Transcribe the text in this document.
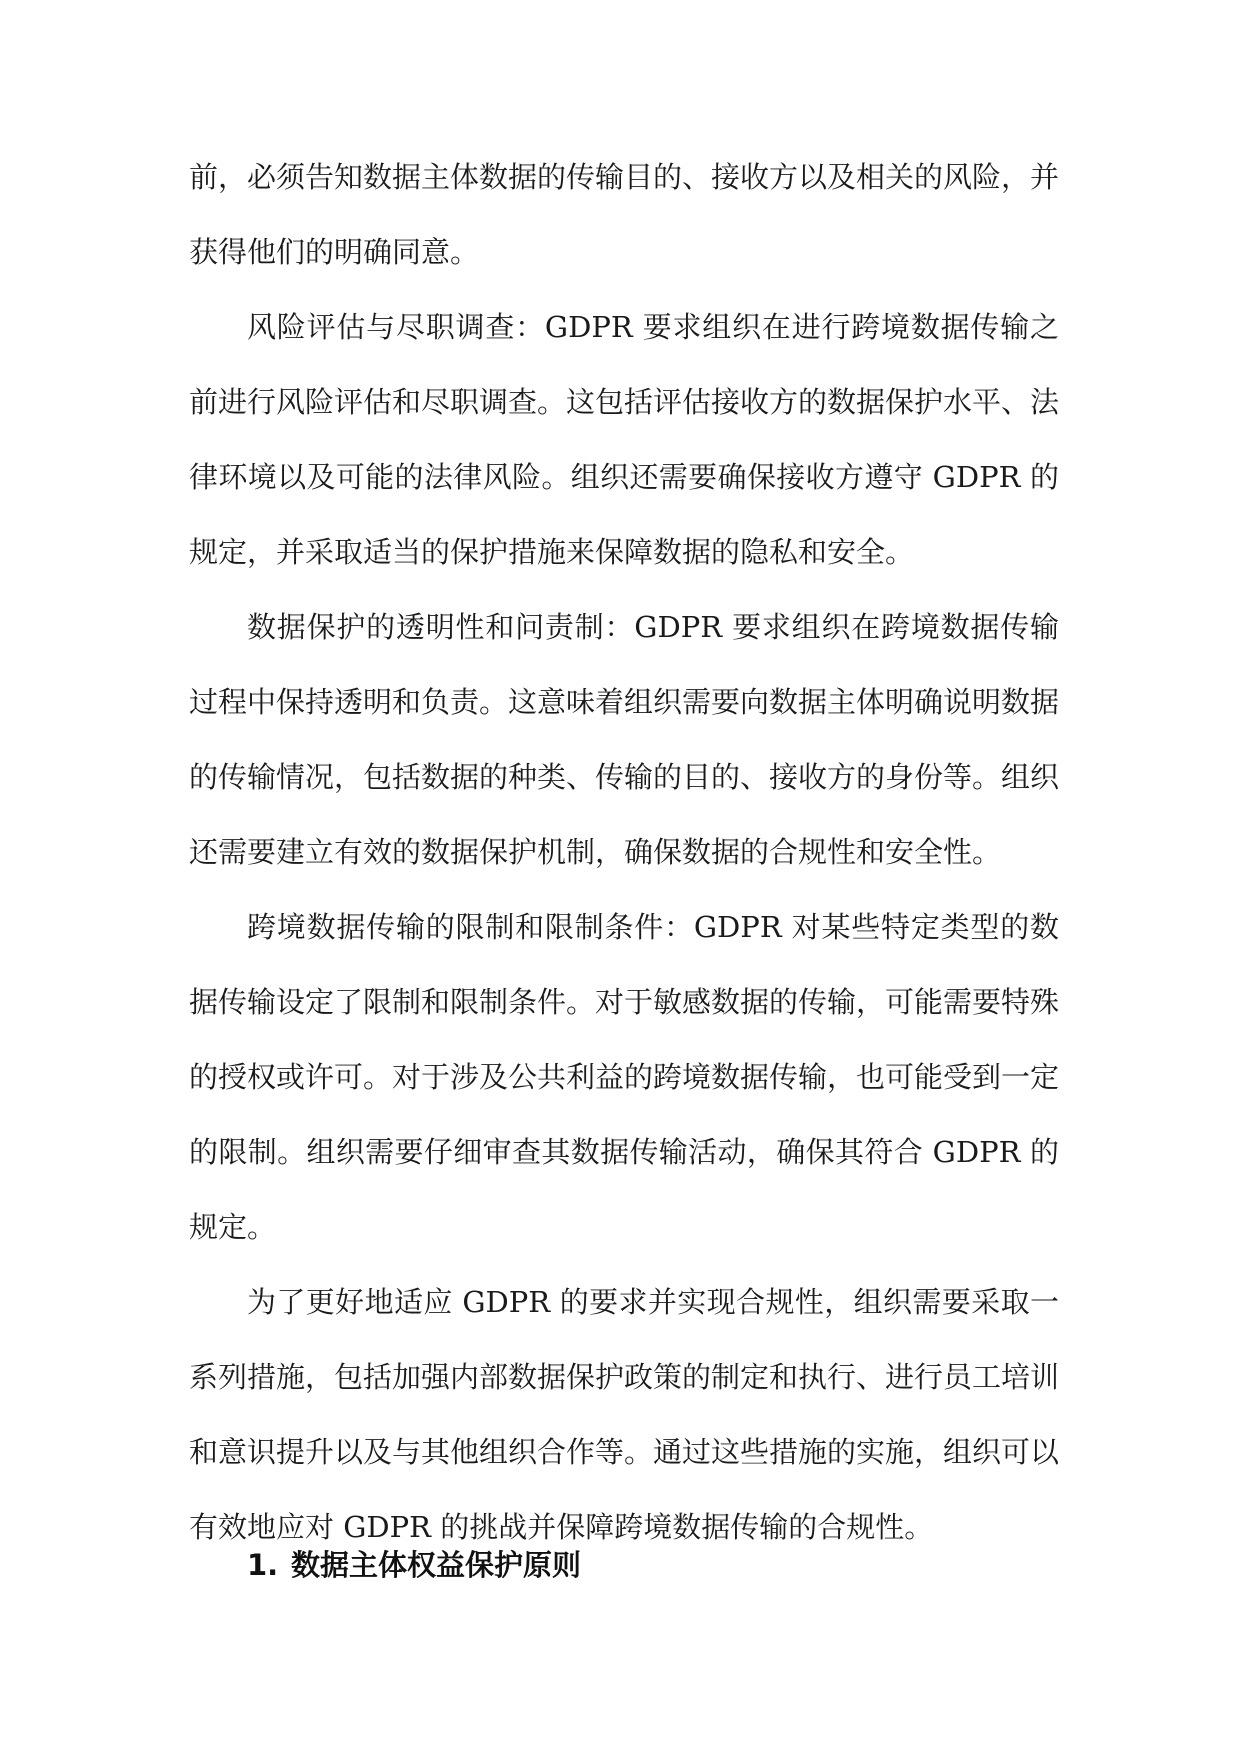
前，必须告知数据主体数据的传输目的、接收方以及相关的风险，并获得他们的明确同意。

风险评估与尽职调查：GDPR 要求组织在进行跨境数据传输之前进行风险评估和尽职调查。这包括评估接收方的数据保护水平、法律环境以及可能的法律风险。组织还需要确保接收方遵守 GDPR 的规定，并采取适当的保护措施来保障数据的隐私和安全。

数据保护的透明性和问责制：GDPR 要求组织在跨境数据传输过程中保持透明和负责。这意味着组织需要向数据主体明确说明数据的传输情况，包括数据的种类、传输的目的、接收方的身份等。组织还需要建立有效的数据保护机制，确保数据的合规性和安全性。

跨境数据传输的限制和限制条件：GDPR 对某些特定类型的数据传输设定了限制和限制条件。对于敏感数据的传输，可能需要特殊的授权或许可。对于涉及公共利益的跨境数据传输，也可能受到一定的限制。组织需要仔细审查其数据传输活动，确保其符合 GDPR 的规定。

为了更好地适应 GDPR 的要求并实现合规性，组织需要采取一系列措施，包括加强内部数据保护政策的制定和执行、进行员工培训和意识提升以及与其他组织合作等。通过这些措施的实施，组织可以有效地应对 GDPR 的挑战并保障跨境数据传输的合规性。

1. 数据主体权益保护原则
